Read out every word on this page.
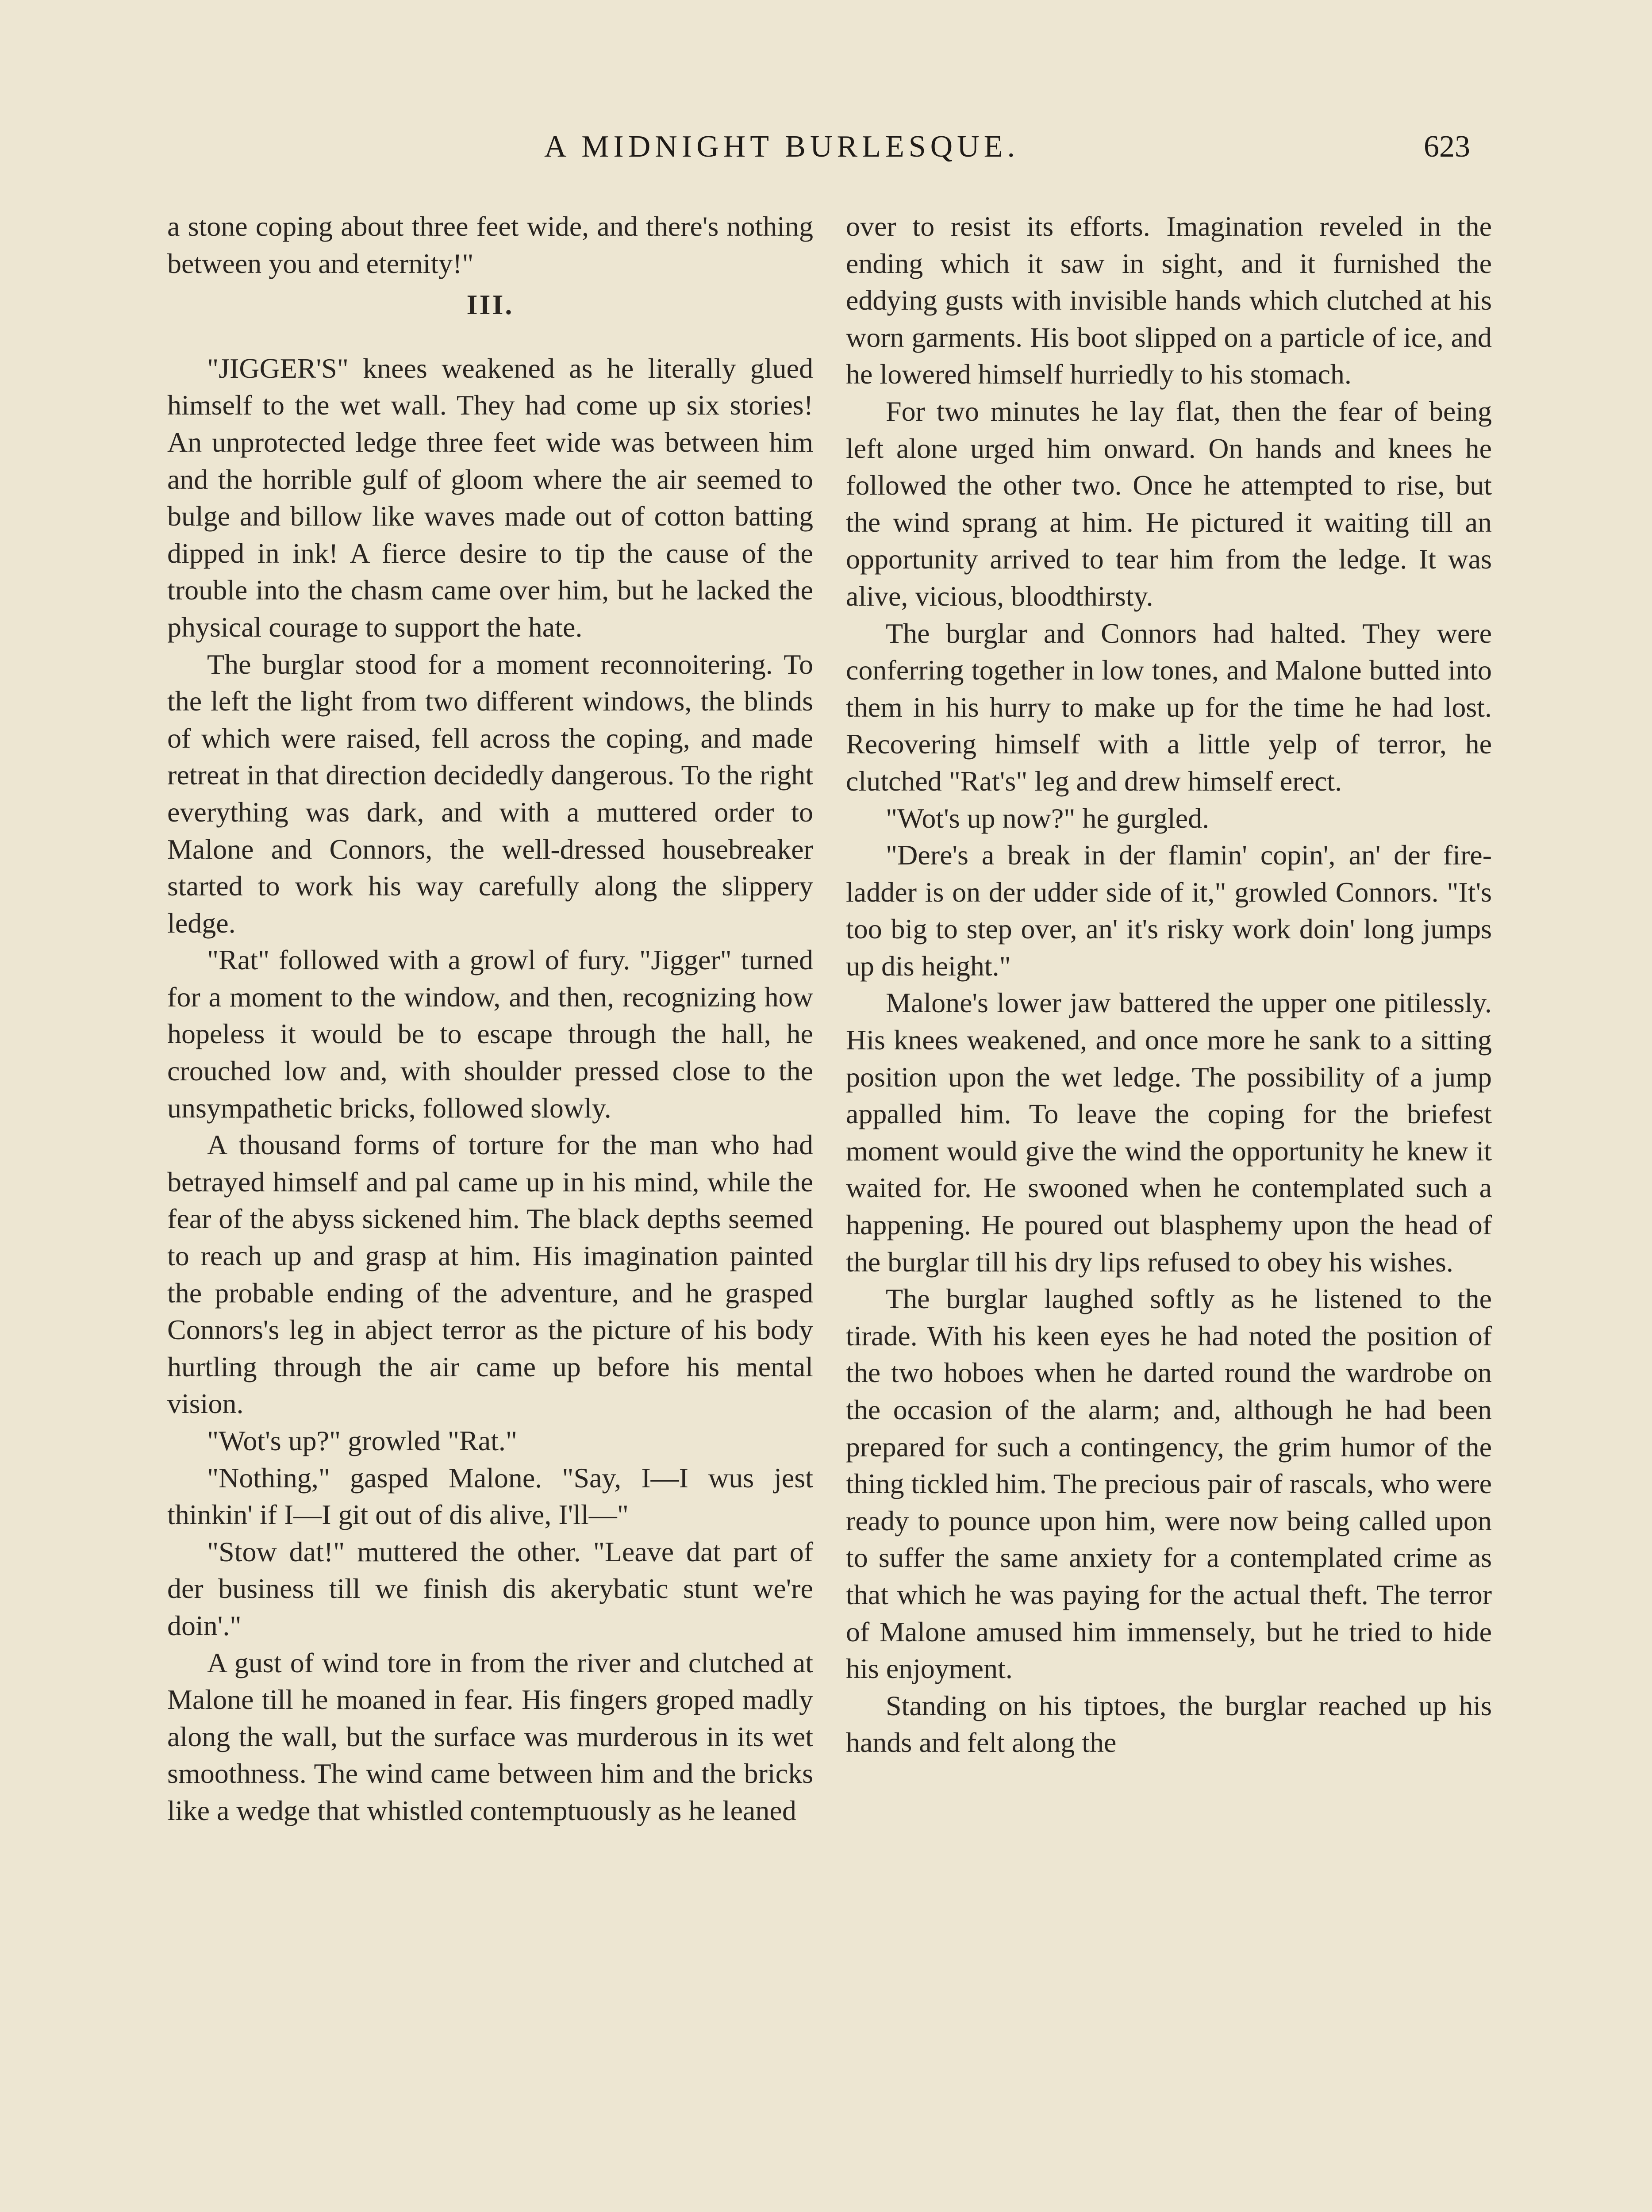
A MIDNIGHT BURLESQUE.	623

a stone coping about three feet wide, and there's nothing between you and eternity!"

III.

"JIGGER'S" knees weakened as he literally glued himself to the wet wall. They had come up six stories! An unprotected ledge three feet wide was between him and the horrible gulf of gloom where the air seemed to bulge and billow like waves made out of cotton batting dipped in ink! A fierce desire to tip the cause of the trouble into the chasm came over him, but he lacked the physical courage to support the hate.

The burglar stood for a moment reconnoitering. To the left the light from two different windows, the blinds of which were raised, fell across the coping, and made retreat in that direction decidedly dangerous. To the right everything was dark, and with a muttered order to Malone and Connors, the well-dressed housebreaker started to work his way carefully along the slippery ledge.

"Rat" followed with a growl of fury. "Jigger" turned for a moment to the window, and then, recognizing how hopeless it would be to escape through the hall, he crouched low and, with shoulder pressed close to the unsympathetic bricks, followed slowly.

A thousand forms of torture for the man who had betrayed himself and pal came up in his mind, while the fear of the abyss sickened him. The black depths seemed to reach up and grasp at him. His imagination painted the probable ending of the adventure, and he grasped Connors's leg in abject terror as the picture of his body hurtling through the air came up before his mental vision.

"Wot's up?" growled "Rat."

"Nothing," gasped Malone. "Say, I—I wus jest thinkin' if I—I git out of dis alive, I'll—"

"Stow dat!" muttered the other. "Leave dat part of der business till we finish dis akerybatic stunt we're doin'."

A gust of wind tore in from the river and clutched at Malone till he moaned in fear. His fingers groped madly along the wall, but the surface was murderous in its wet smoothness. The wind came between him and the bricks like a wedge that whistled contemptuously as he leaned

over to resist its efforts. Imagination reveled in the ending which it saw in sight, and it furnished the eddying gusts with invisible hands which clutched at his worn garments. His boot slipped on a particle of ice, and he lowered himself hurriedly to his stomach.

For two minutes he lay flat, then the fear of being left alone urged him onward. On hands and knees he followed the other two. Once he attempted to rise, but the wind sprang at him. He pictured it waiting till an opportunity arrived to tear him from the ledge. It was alive, vicious, bloodthirsty.

The burglar and Connors had halted. They were conferring together in low tones, and Malone butted into them in his hurry to make up for the time he had lost. Recovering himself with a little yelp of terror, he clutched "Rat's" leg and drew himself erect.

"Wot's up now?" he gurgled.

"Dere's a break in der flamin' copin', an' der fire-ladder is on der udder side of it," growled Connors. "It's too big to step over, an' it's risky work doin' long jumps up dis height."

Malone's lower jaw battered the upper one pitilessly. His knees weakened, and once more he sank to a sitting position upon the wet ledge. The possibility of a jump appalled him. To leave the coping for the briefest moment would give the wind the opportunity he knew it waited for. He swooned when he contemplated such a happening. He poured out blasphemy upon the head of the burglar till his dry lips refused to obey his wishes.

The burglar laughed softly as he listened to the tirade. With his keen eyes he had noted the position of the two hoboes when he darted round the wardrobe on the occasion of the alarm; and, although he had been prepared for such a contingency, the grim humor of the thing tickled him. The precious pair of rascals, who were ready to pounce upon him, were now being called upon to suffer the same anxiety for a contemplated crime as that which he was paying for the actual theft. The terror of Malone amused him immensely, but he tried to hide his enjoyment.

Standing on his tiptoes, the burglar reached up his hands and felt along the
